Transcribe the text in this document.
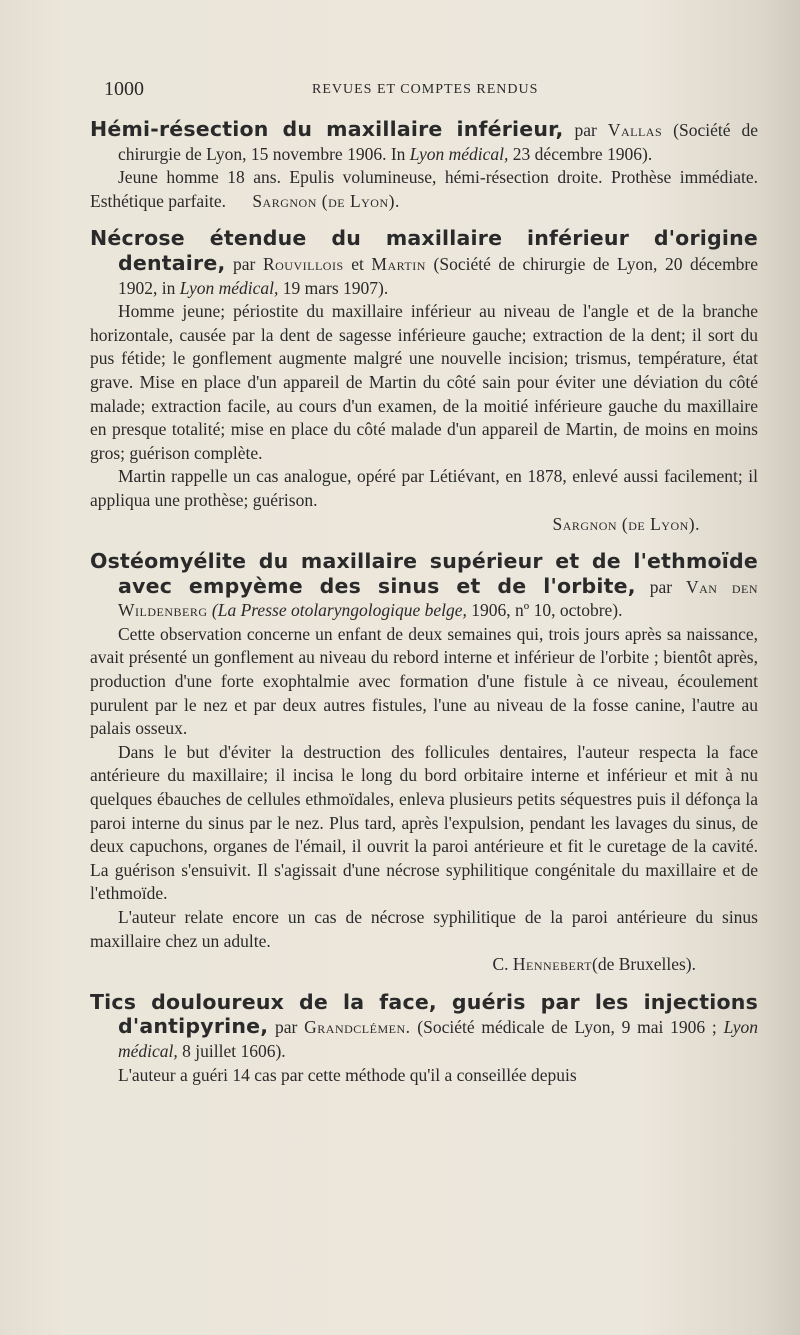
1000	REVUES ET COMPTES RENDUS

Hémi-résection du maxillaire inférieur, par Vallas (Société de chirurgie de Lyon, 15 novembre 1906. In Lyon médical, 23 décembre 1906).

Jeune homme 18 ans. Epulis volumineuse, hémi-résection droite. Prothèse immédiate. Esthétique parfaite. Sargnon (de Lyon).

Nécrose étendue du maxillaire inférieur d'origine dentaire, par Rouvillois et Martin (Société de chirurgie de Lyon, 20 décembre 1902, in Lyon médical, 19 mars 1907).

Homme jeune; périostite du maxillaire inférieur au niveau de l'angle et de la branche horizontale, causée par la dent de sagesse inférieure gauche; extraction de la dent; il sort du pus fétide; le gonflement augmente malgré une nouvelle incision; trismus, température, état grave. Mise en place d'un appareil de Martin du côté sain pour éviter une déviation du côté malade; extraction facile, au cours d'un examen, de la moitié inférieure gauche du maxillaire en presque totalité; mise en place du côté malade d'un appareil de Martin, de moins en moins gros; guérison complète.

Martin rappelle un cas analogue, opéré par Létiévant, en 1878, enlevé aussi facilement; il appliqua une prothèse; guérison.

Sargnon (de Lyon).

Ostéomyélite du maxillaire supérieur et de l'ethmoïde avec empyème des sinus et de l'orbite, par Van den Wildenberg (La Presse otolaryngologique belge, 1906, nº 10, octobre).

Cette observation concerne un enfant de deux semaines qui, trois jours après sa naissance, avait présenté un gonflement au niveau du rebord interne et inférieur de l'orbite ; bientôt après, production d'une forte exophtalmie avec formation d'une fistule à ce niveau, écoulement purulent par le nez et par deux autres fistules, l'une au niveau de la fosse canine, l'autre au palais osseux.

Dans le but d'éviter la destruction des follicules dentaires, l'auteur respecta la face antérieure du maxillaire; il incisa le long du bord orbitaire interne et inférieur et mit à nu quelques ébauches de cellules ethmoïdales, enleva plusieurs petits séquestres puis il défonça la paroi interne du sinus par le nez. Plus tard, après l'expulsion, pendant les lavages du sinus, de deux capuchons, organes de l'émail, il ouvrit la paroi antérieure et fit le curetage de la cavité. La guérison s'ensuivit. Il s'agissait d'une nécrose syphilitique congénitale du maxillaire et de l'ethmoïde.

L'auteur relate encore un cas de nécrose syphilitique de la paroi antérieure du sinus maxillaire chez un adulte.

C. Hennebert(de Bruxelles).

Tics douloureux de la face, guéris par les injections d'antipyrine, par Grandclémen. (Société médicale de Lyon, 9 mai 1906 ; Lyon médical, 8 juillet 1606).

L'auteur a guéri 14 cas par cette méthode qu'il a conseillée depuis
